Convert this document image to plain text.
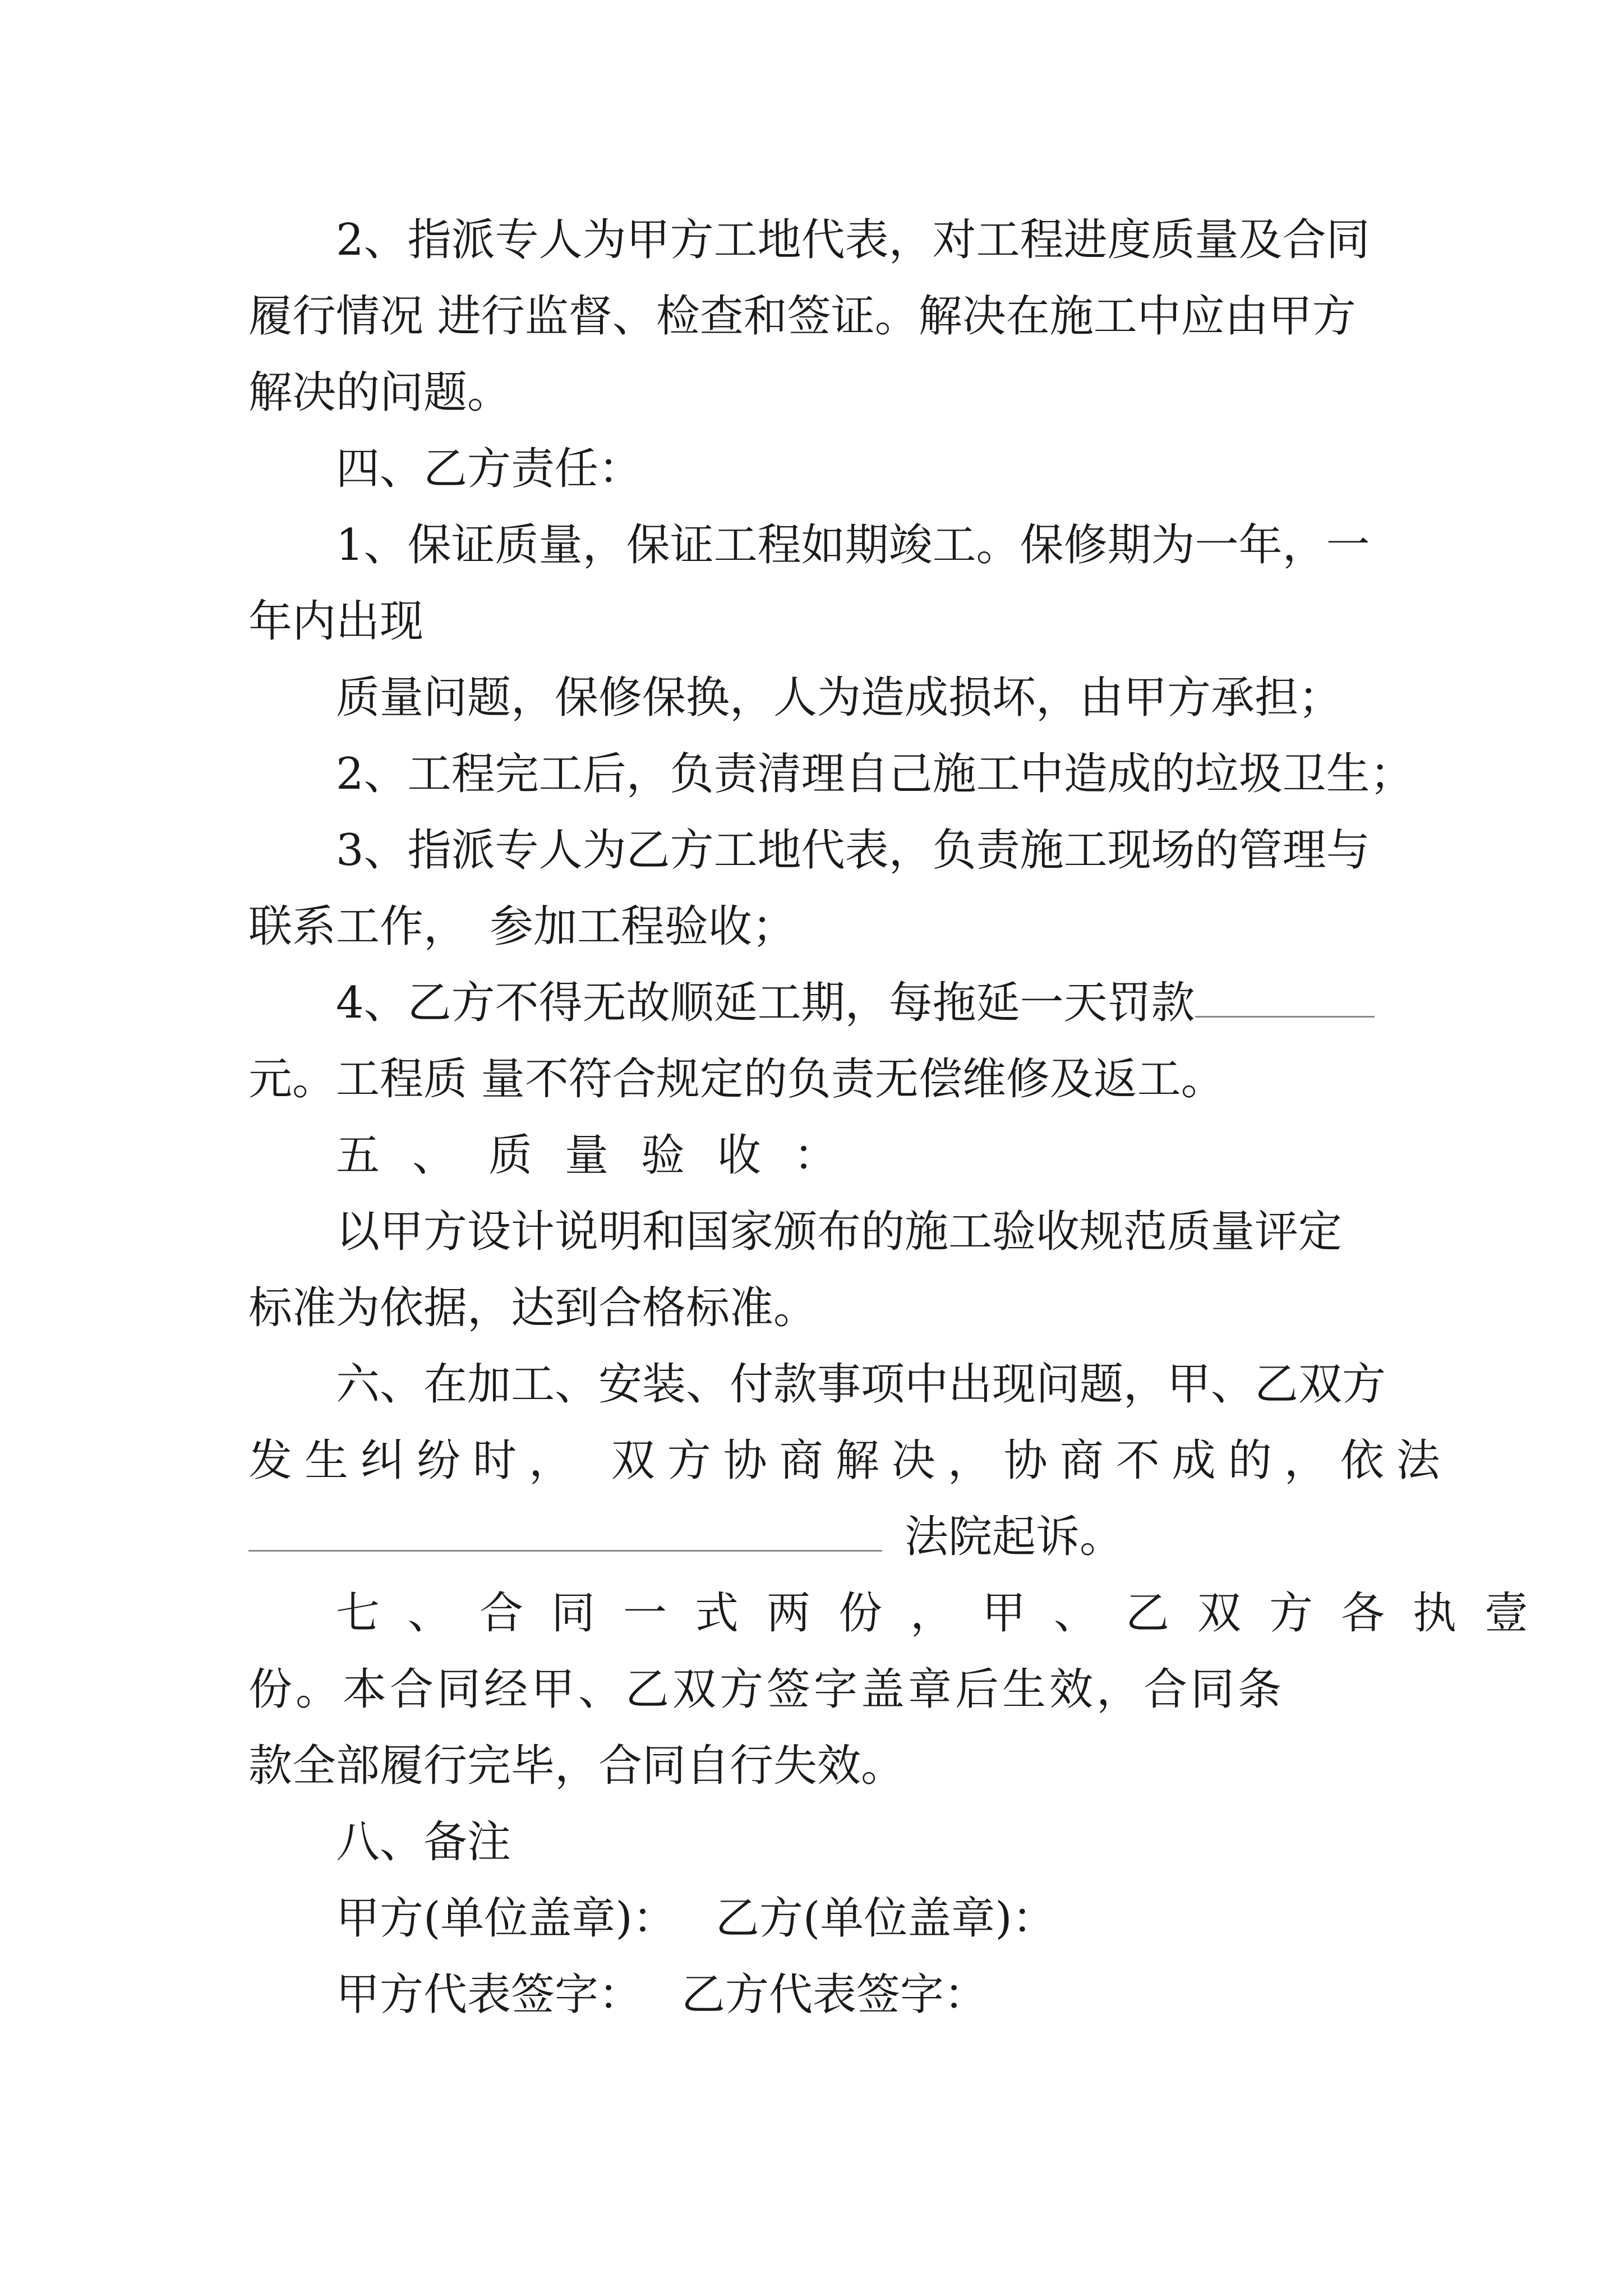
2、指派专人为甲方工地代表，对工程进度质量及合同

履行情况 进行监督、检查和签证。解决在施工中应由甲方

解决的问题。

四、乙方责任：

1、保证质量，保证工程如期竣工。保修期为一年，一

年内出现

质量问题，保修保换，人为造成损坏，由甲方承担；

2、工程完工后，负责清理自己施工中造成的垃圾卫生；

3、指派专人为乙方工地代表，负责施工现场的管理与

联系工作， 参加工程验收；

4、乙方不得无故顺延工期，每拖延一天罚款

元。工程质 量不符合规定的负责无偿维修及返工。

五、质量验收：

以甲方设计说明和国家颁布的施工验收规范质量评定

标准为依据，达到合格标准。

六、在加工、安装、付款事项中出现问题，甲、乙双方

发生纠纷时， 双方协商解决，协商不成的，依法

法院起诉。

七、合同一式两份，甲、乙双方各执壹

份。本合同经甲、乙双方签字盖章后生效，合同条

款全部履行完毕，合同自行失效。

八、备注

甲方(单位盖章)： 乙方(单位盖章)：

甲方代表签字： 乙方代表签字：
